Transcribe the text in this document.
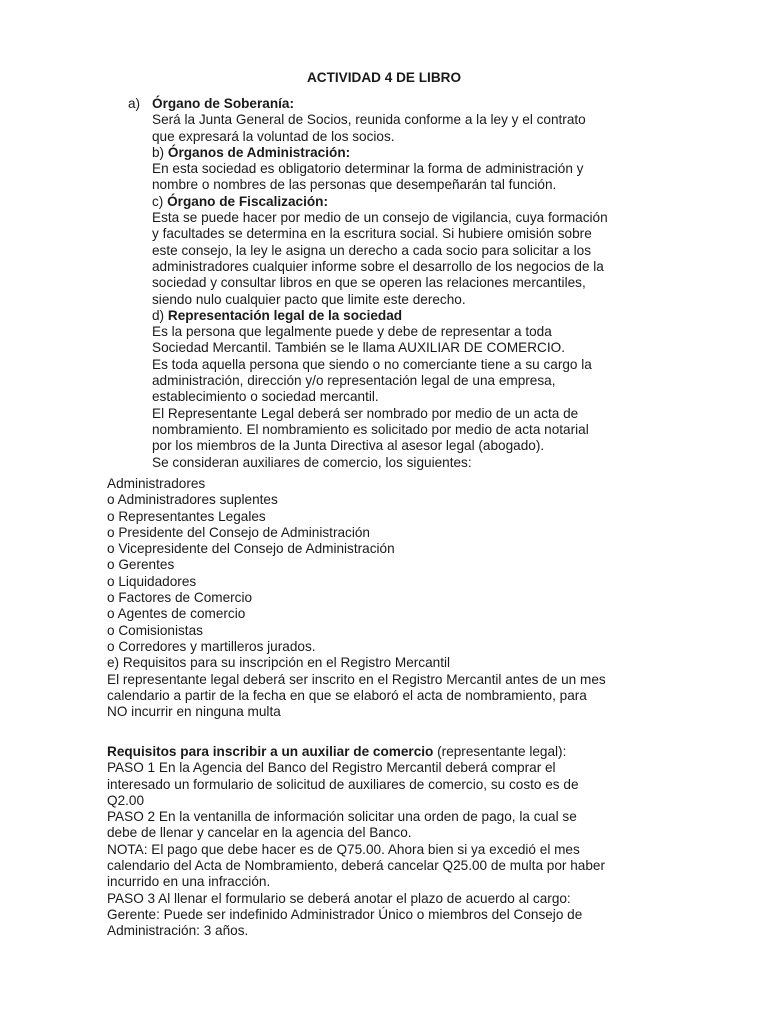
ACTIVIDAD 4 DE LIBRO
a) Órgano de Soberanía:
Será la Junta General de Socios, reunida conforme a la ley y el contrato
que expresará la voluntad de los socios.
b) Órganos de Administración:
En esta sociedad es obligatorio determinar la forma de administración y
nombre o nombres de las personas que desempeñarán tal función.
c) Órgano de Fiscalización:
Esta se puede hacer por medio de un consejo de vigilancia, cuya formación
y facultades se determina en la escritura social. Si hubiere omisión sobre
este consejo, la ley le asigna un derecho a cada socio para solicitar a los
administradores cualquier informe sobre el desarrollo de los negocios de la
sociedad y consultar libros en que se operen las relaciones mercantiles,
siendo nulo cualquier pacto que limite este derecho.
d) Representación legal de la sociedad
Es la persona que legalmente puede y debe de representar a toda
Sociedad Mercantil. También se le llama AUXILIAR DE COMERCIO.
Es toda aquella persona que siendo o no comerciante tiene a su cargo la
administración, dirección y/o representación legal de una empresa,
establecimiento o sociedad mercantil.
El Representante Legal deberá ser nombrado por medio de un acta de
nombramiento. El nombramiento es solicitado por medio de acta notarial
por los miembros de la Junta Directiva al asesor legal (abogado).
Se consideran auxiliares de comercio, los siguientes:
Administradores
o Administradores suplentes
o Representantes Legales
o Presidente del Consejo de Administración
o Vicepresidente del Consejo de Administración
o Gerentes
o Liquidadores
o Factores de Comercio
o Agentes de comercio
o Comisionistas
o Corredores y martilleros jurados.
e) Requisitos para su inscripción en el Registro Mercantil
El representante legal deberá ser inscrito en el Registro Mercantil antes de un mes
calendario a partir de la fecha en que se elaboró el acta de nombramiento, para
NO incurrir en ninguna multa
Requisitos para inscribir a un auxiliar de comercio (representante legal):
PASO 1 En la Agencia del Banco del Registro Mercantil deberá comprar el
interesado un formulario de solicitud de auxiliares de comercio, su costo es de
Q2.00
PASO 2 En la ventanilla de información solicitar una orden de pago, la cual se
debe de llenar y cancelar en la agencia del Banco.
NOTA: El pago que debe hacer es de Q75.00. Ahora bien si ya excedió el mes
calendario del Acta de Nombramiento, deberá cancelar Q25.00 de multa por haber
incurrido en una infracción.
PASO 3 Al llenar el formulario se deberá anotar el plazo de acuerdo al cargo:
Gerente: Puede ser indefinido Administrador Único o miembros del Consejo de
Administración: 3 años.
